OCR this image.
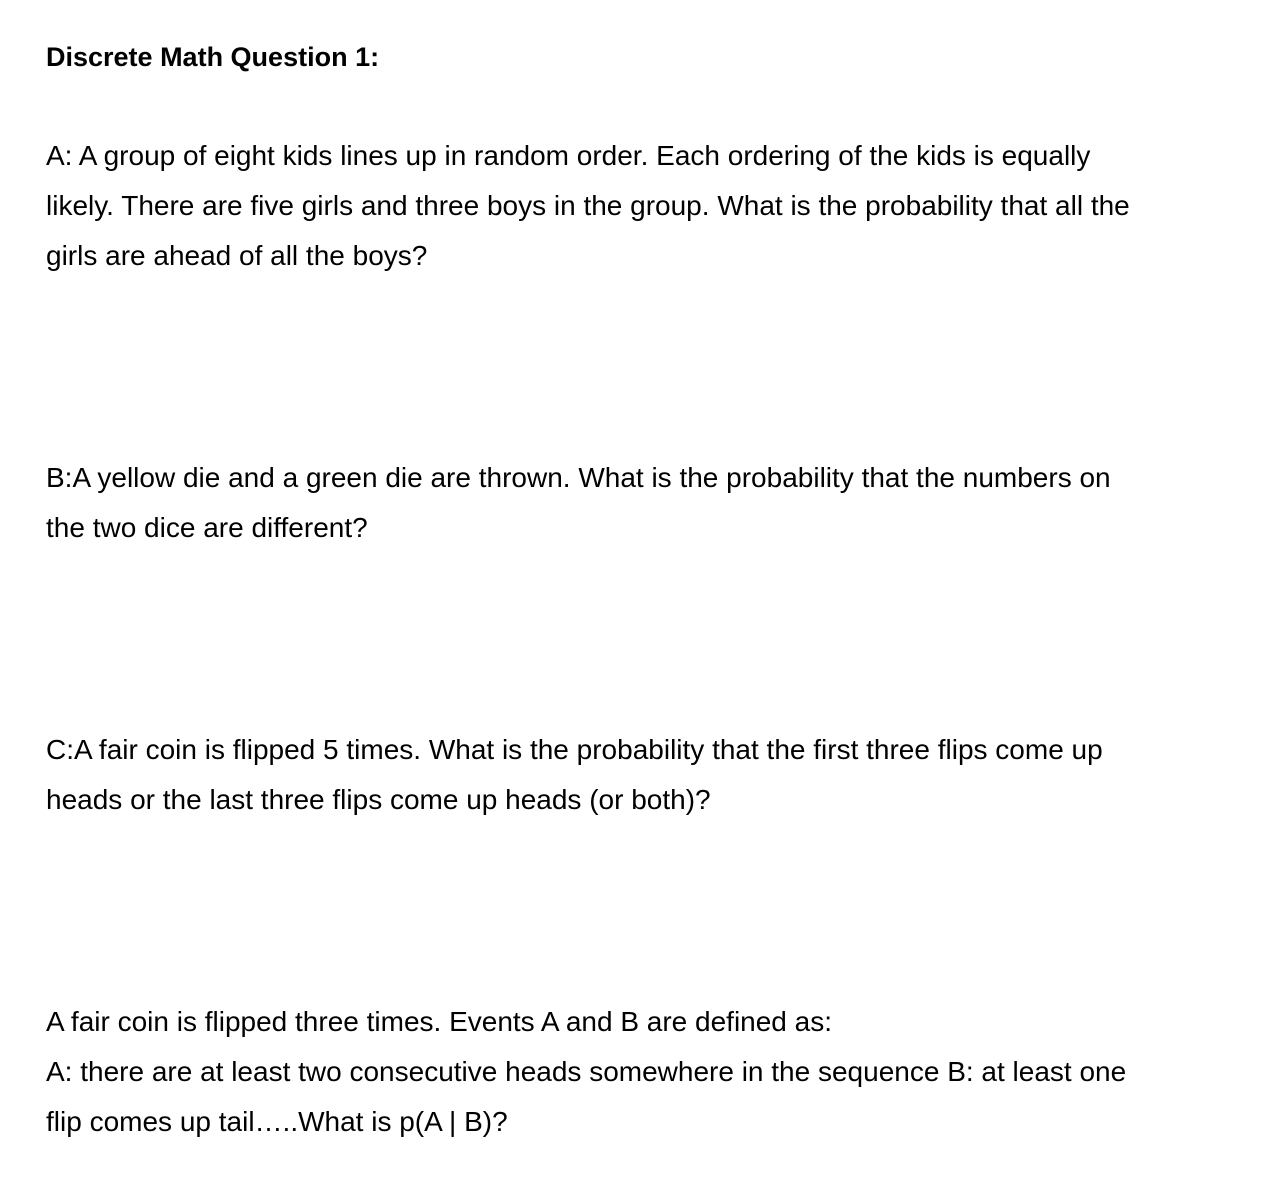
Discrete Math Question 1:

A: A group of eight kids lines up in random order. Each ordering of the kids is equally
likely. There are five girls and three boys in the group. What is the probability that all the
girls are ahead of all the boys?

B:A yellow die and a green die are thrown. What is the probability that the numbers on
the two dice are different?

C:A fair coin is flipped 5 times. What is the probability that the first three flips come up
heads or the last three flips come up heads (or both)?

A fair coin is flipped three times. Events A and B are defined as:
A: there are at least two consecutive heads somewhere in the sequence B: at least one
flip comes up tail…..What is p(A | B)?
